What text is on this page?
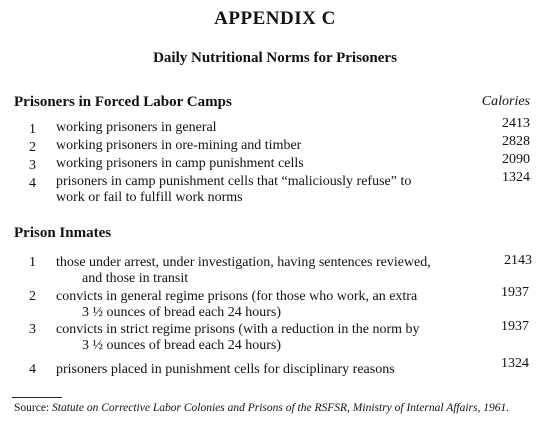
APPENDIX C
Daily Nutritional Norms for Prisoners
Prisoners in Forced Labor Camps	Calories
1 working prisoners in general	2413
2 working prisoners in ore-mining and timber	2828
3 working prisoners in camp punishment cells	2090
4 prisoners in camp punishment cells that “maliciously refuse” to
work or fail to fulfill work norms
1324
Prison Inmates
1 those under arrest, under investigation, having sentences reviewed,
and those in transit
2143
2 convicts in general regime prisons (for those who work, an extra
3 ½ ounces of bread each 24 hours)
1937
3 convicts in strict regime prisons (with a reduction in the norm by
3 ½ ounces of bread each 24 hours)
1937
4 prisoners placed in punishment cells for disciplinary reasons	1324
Source: Statute on Corrective Labor Colonies and Prisons of the RSFSR, Ministry of Internal Affairs, 1961.
